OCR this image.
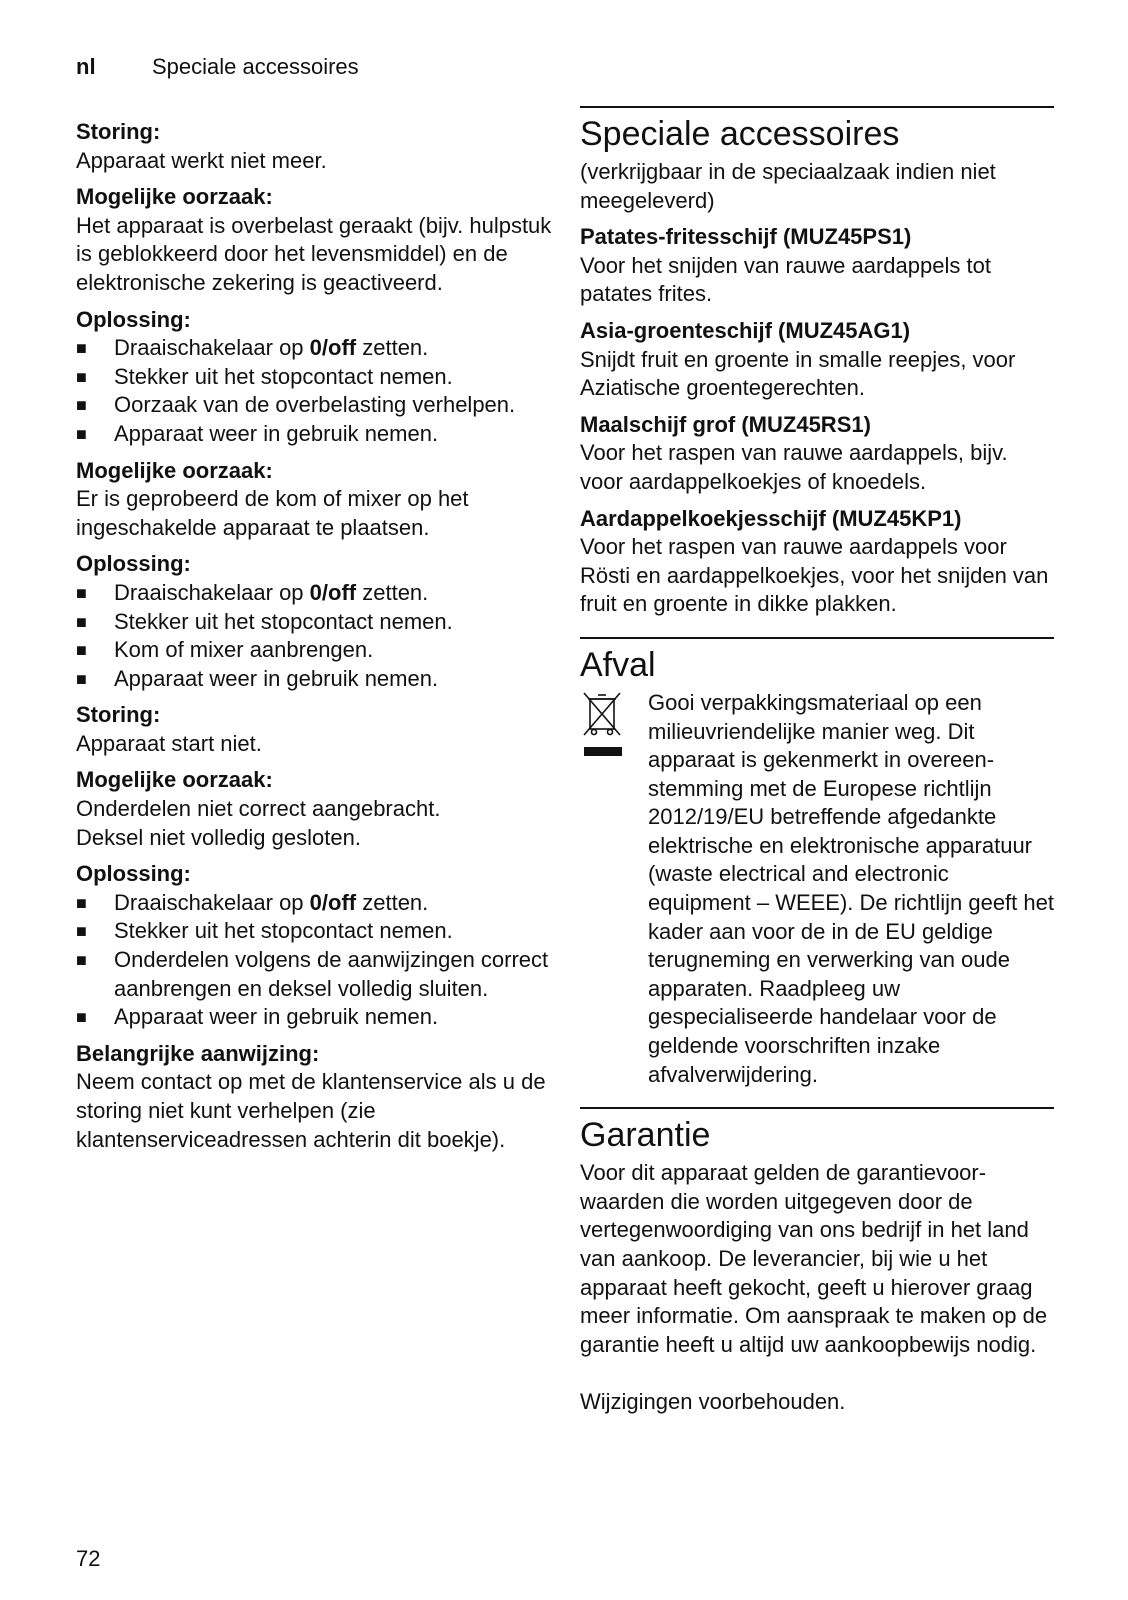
nl	Speciale accessoires
Storing:

Apparaat werkt niet meer.

Mogelijke oorzaak:

Het apparaat is overbelast geraakt (bijv. hulpstuk is geblokkeerd door het levensmiddel) en de elektronische zekering is geactiveerd.

Oplossing:
■ Draaischakelaar op 0/off zetten.
■ Stekker uit het stopcontact nemen.
■ Oorzaak van de overbelasting verhelpen.
■ Apparaat weer in gebruik nemen.
Mogelijke oorzaak:

Er is geprobeerd de kom of mixer op het ingeschakelde apparaat te plaatsen.

Oplossing:
■ Draaischakelaar op 0/off zetten.
■ Stekker uit het stopcontact nemen.
■ Kom of mixer aanbrengen.
■ Apparaat weer in gebruik nemen.
Storing:

Apparaat start niet.

Mogelijke oorzaak:

Onderdelen niet correct aangebracht.

Deksel niet volledig gesloten.

Oplossing:
■ Draaischakelaar op 0/off zetten.
■ Stekker uit het stopcontact nemen.
■ Onderdelen volgens de aanwijzingen correct aanbrengen en deksel volledig sluiten.
■ Apparaat weer in gebruik nemen.
Belangrijke aanwijzing:

Neem contact op met de klantenservice als u de storing niet kunt verhelpen (zie klantenserviceadressen achterin dit boekje).

Speciale accessoires

(verkrijgbaar in de speciaalzaak indien niet meegeleverd)

Patates-fritesschijf (MUZ45PS1)

Voor het snijden van rauwe aardappels tot patates frites.

Asia-groenteschijf (MUZ45AG1)

Snijdt fruit en groente in smalle reepjes, voor Aziatische groentegerechten.

Maalschijf grof (MUZ45RS1)

Voor het raspen van rauwe aardappels, bijv. voor aardappelkoekjes of knoedels.

Aardappelkoekjesschijf (MUZ45KP1)

Voor het raspen van rauwe aardappels voor Rösti en aardappelkoekjes, voor het snijden van fruit en groente in dikke plakken.

Afval

Gooi verpakkingsmateriaal op een milieuvriendelijke manier weg. Dit apparaat is gekenmerkt in overeenstemming met de Europese richtlijn 2012/19/EU betreffende afgedankte elektrische en elektronische apparatuur (waste electrical and electronic equipment – WEEE). De richtlijn geeft het kader aan voor de in de EU geldige terugneming en verwerking van oude apparaten. Raadpleeg uw gespecialiseerde handelaar voor de geldende voorschriften inzake afvalverwijdering.

Garantie

Voor dit apparaat gelden de garantievoorwaarden die worden uitgegeven door de vertegenwoordiging van ons bedrijf in het land van aankoop. De leverancier, bij wie u het apparaat heeft gekocht, geeft u hierover graag meer informatie. Om aanspraak te maken op de garantie heeft u altijd uw aankoopbewijs nodig.

Wijzigingen voorbehouden.

72
